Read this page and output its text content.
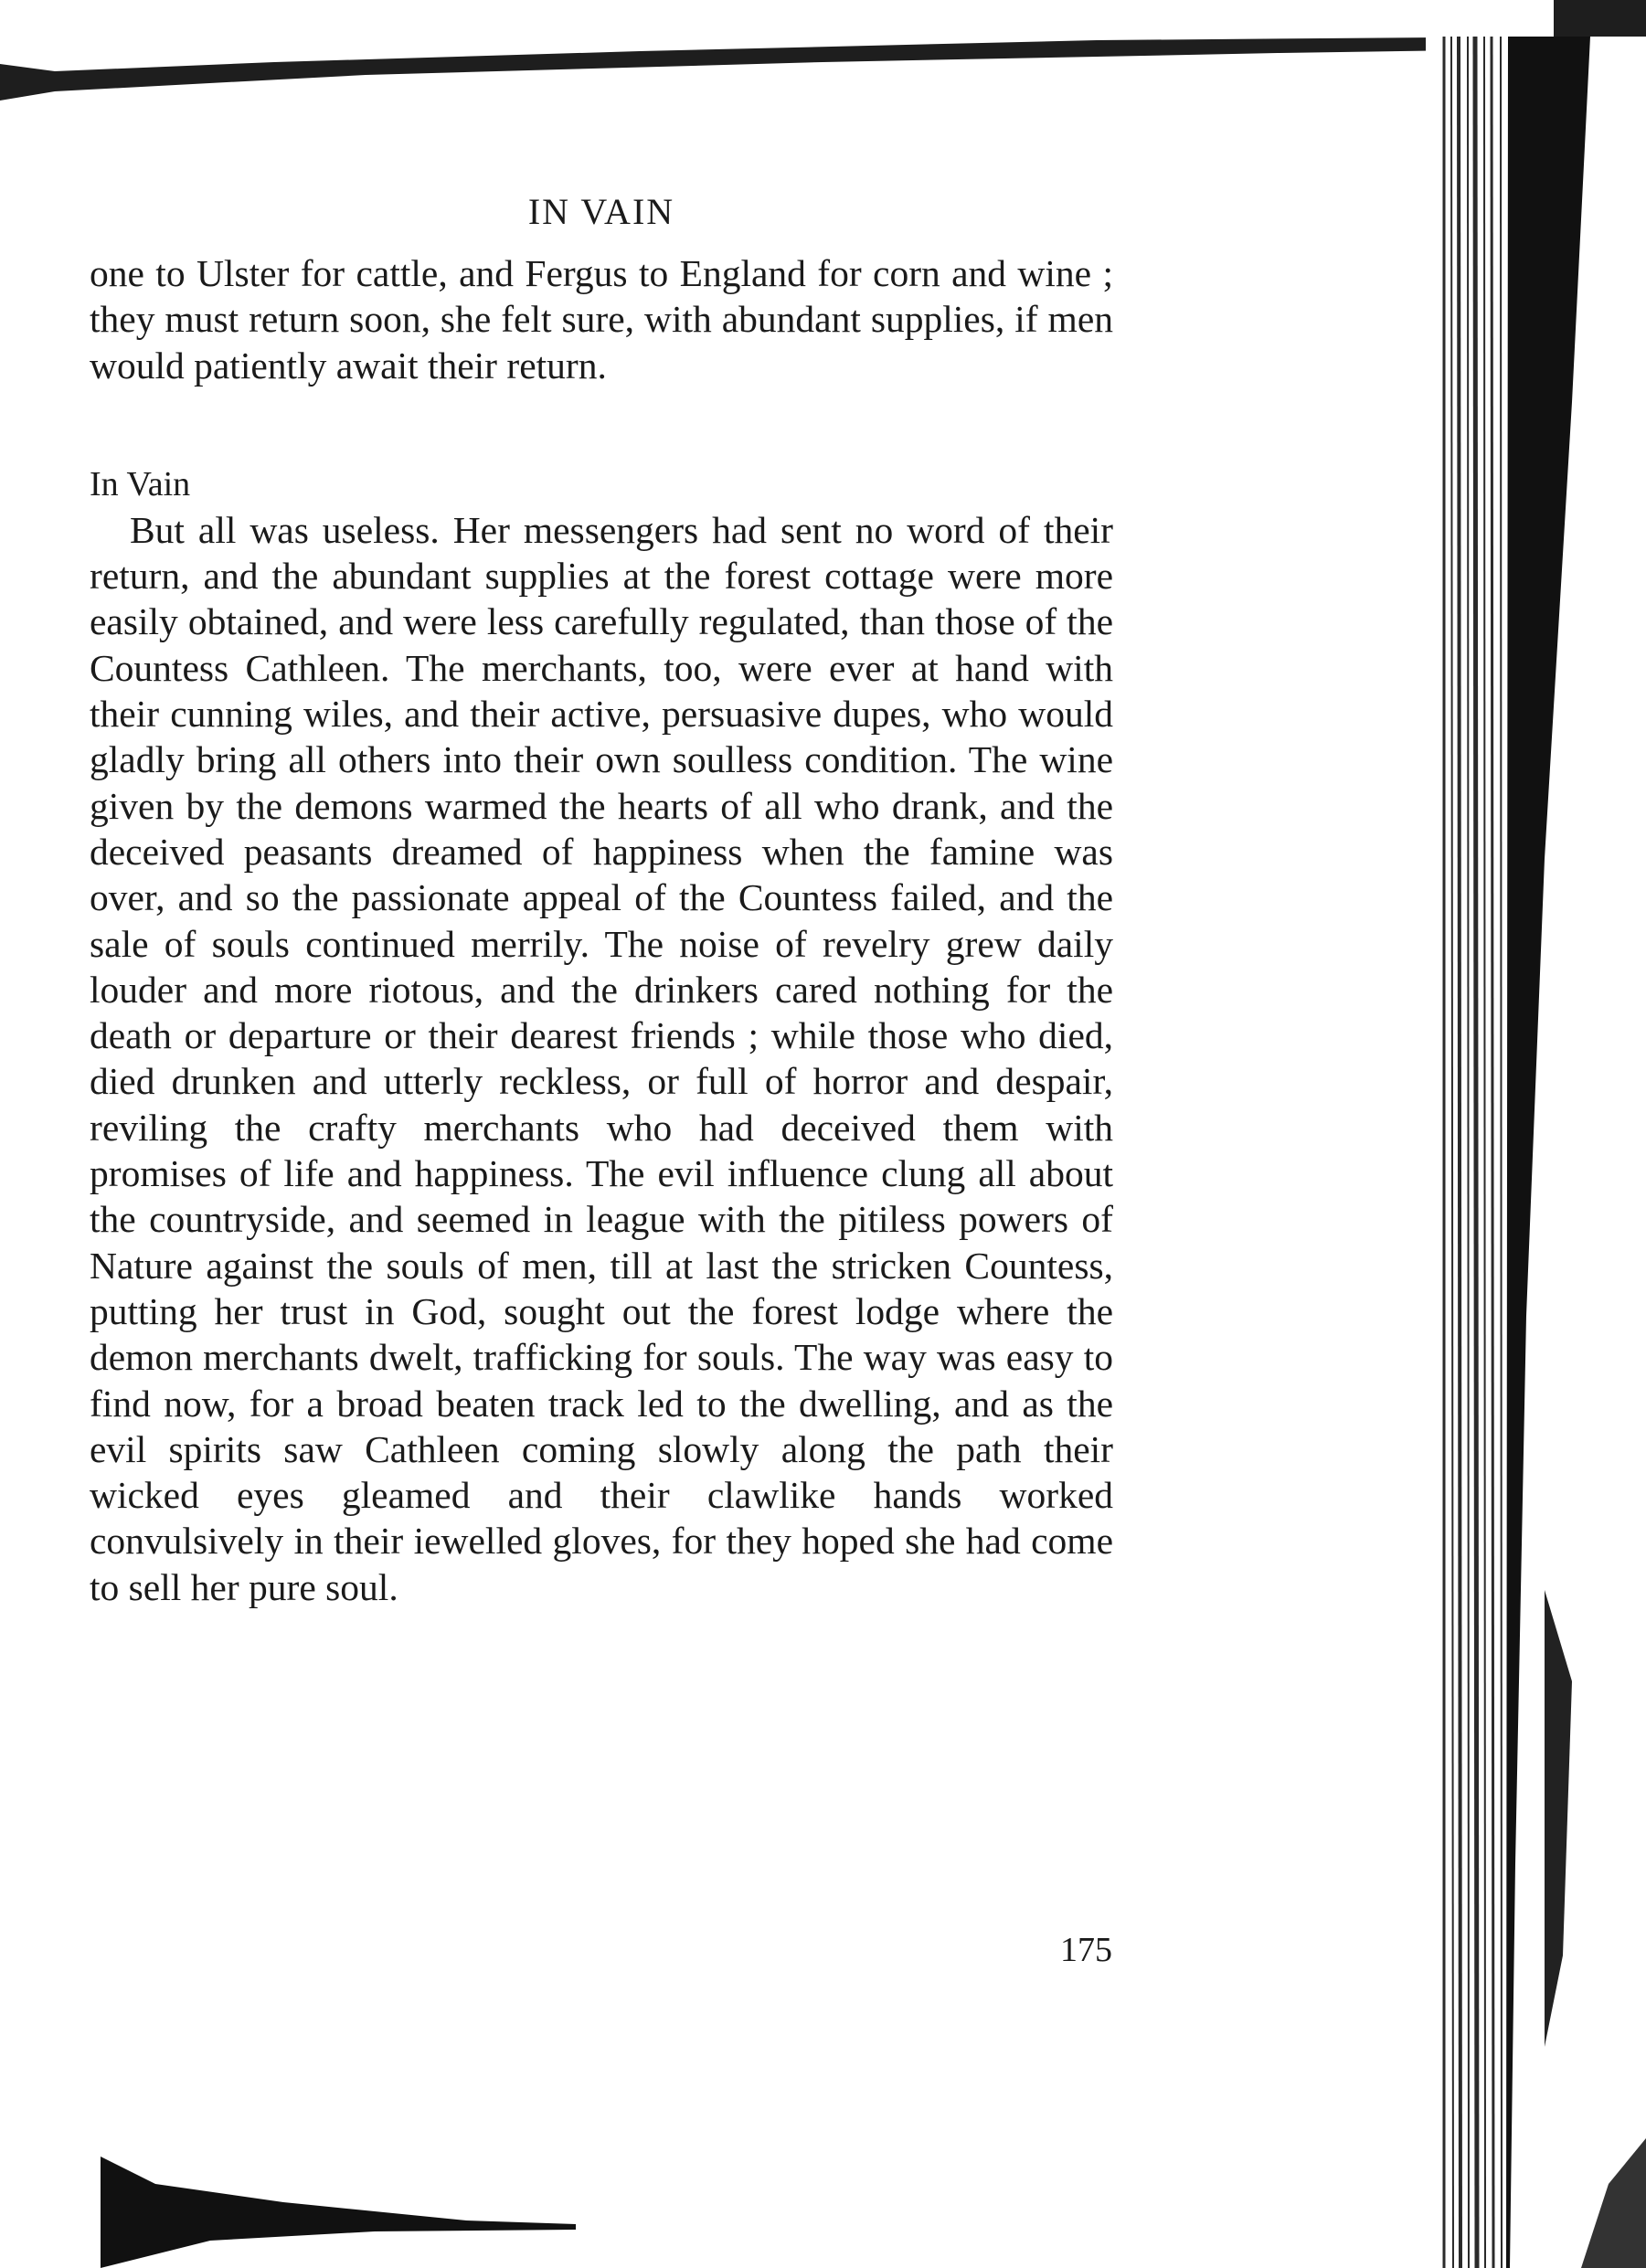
IN VAIN

one to Ulster for cattle, and Fergus to England for corn and wine ; they must return soon, she felt sure, with abundant supplies, if men would patiently await their return.

In Vain

But all was useless. Her messengers had sent no word of their return, and the abundant supplies at the forest cottage were more easily obtained, and were less carefully regulated, than those of the Countess Cathleen. The merchants, too, were ever at hand with their cunning wiles, and their active, persuasive dupes, who would gladly bring all others into their own soulless condition. The wine given by the demons warmed the hearts of all who drank, and the deceived peasants dreamed of happiness when the famine was over, and so the passionate appeal of the Countess failed, and the sale of souls continued merrily. The noise of revelry grew daily louder and more riotous, and the drinkers cared nothing for the death or departure or their dearest friends ; while those who died, died drunken and utterly reckless, or full of horror and despair, reviling the crafty merchants who had deceived them with promises of life and happiness. The evil influence clung all about the countryside, and seemed in league with the pitiless powers of Nature against the souls of men, till at last the stricken Countess, putting her trust in God, sought out the forest lodge where the demon merchants dwelt, trafficking for souls. The way was easy to find now, for a broad beaten track led to the dwelling, and as the evil spirits saw Cathleen coming slowly along the path their wicked eyes gleamed and their clawlike hands worked convulsively in their iewelled gloves, for they hoped she had come to sell her pure soul.

175
